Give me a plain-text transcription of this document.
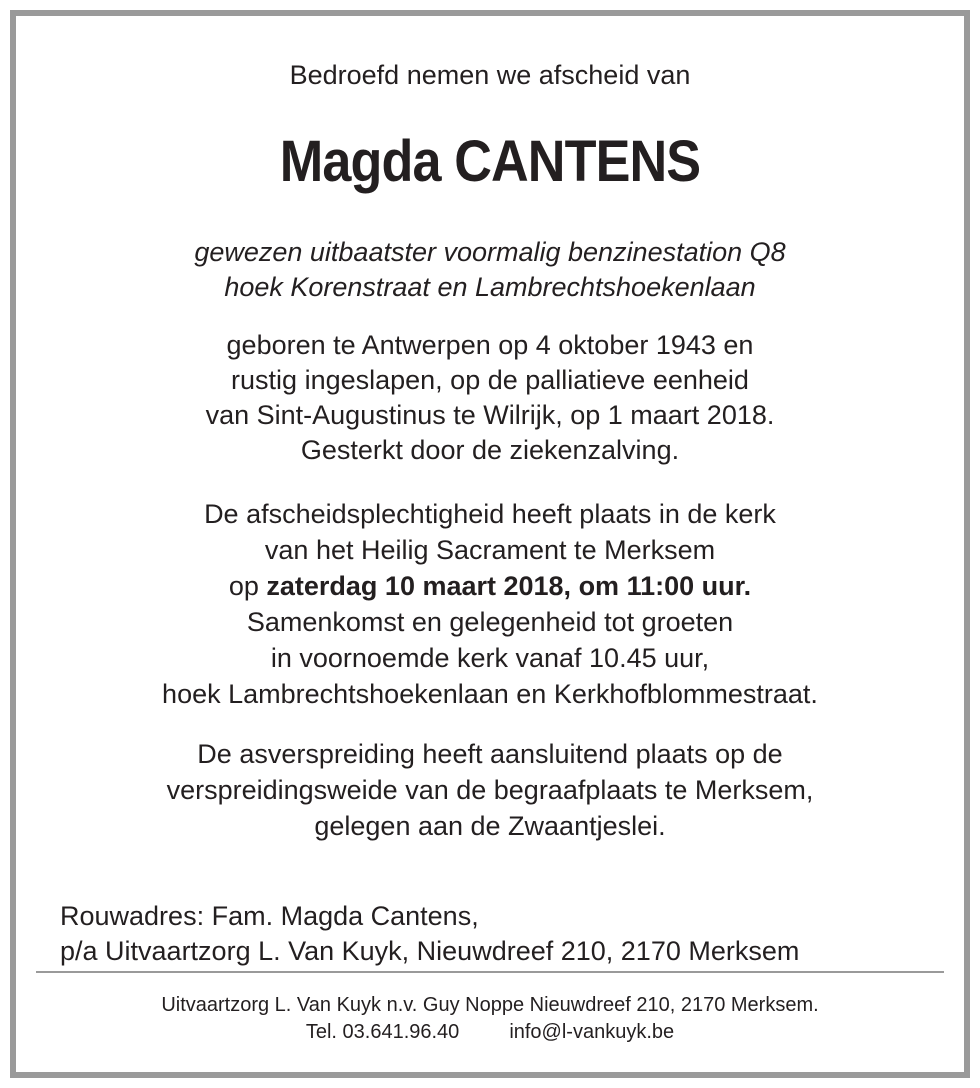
Bedroefd nemen we afscheid van
Magda CANTENS
gewezen uitbaatster voormalig benzinestation Q8
hoek Korenstraat en Lambrechtshoekenlaan
geboren te Antwerpen op 4 oktober 1943 en
rustig ingeslapen, op de palliatieve eenheid
van Sint-Augustinus te Wilrijk, op 1 maart 2018.
Gesterkt door de ziekenzalving.
De afscheidsplechtigheid heeft plaats in de kerk
van het Heilig Sacrament te Merksem
op zaterdag 10 maart 2018, om 11:00 uur.
Samenkomst en gelegenheid tot groeten
in voornoemde kerk vanaf 10.45 uur,
hoek Lambrechtshoekenlaan en Kerkhofblommestraat.
De asverspreiding heeft aansluitend plaats op de
verspreidingsweide van de begraafplaats te Merksem,
gelegen aan de Zwaantjeslei.
Rouwadres: Fam. Magda Cantens,
p/a Uitvaartzorg L. Van Kuyk, Nieuwdreef 210, 2170 Merksem
Uitvaartzorg L. Van Kuyk n.v. Guy Noppe Nieuwdreef 210, 2170 Merksem.
Tel. 03.641.96.40	info@l-vankuyk.be
